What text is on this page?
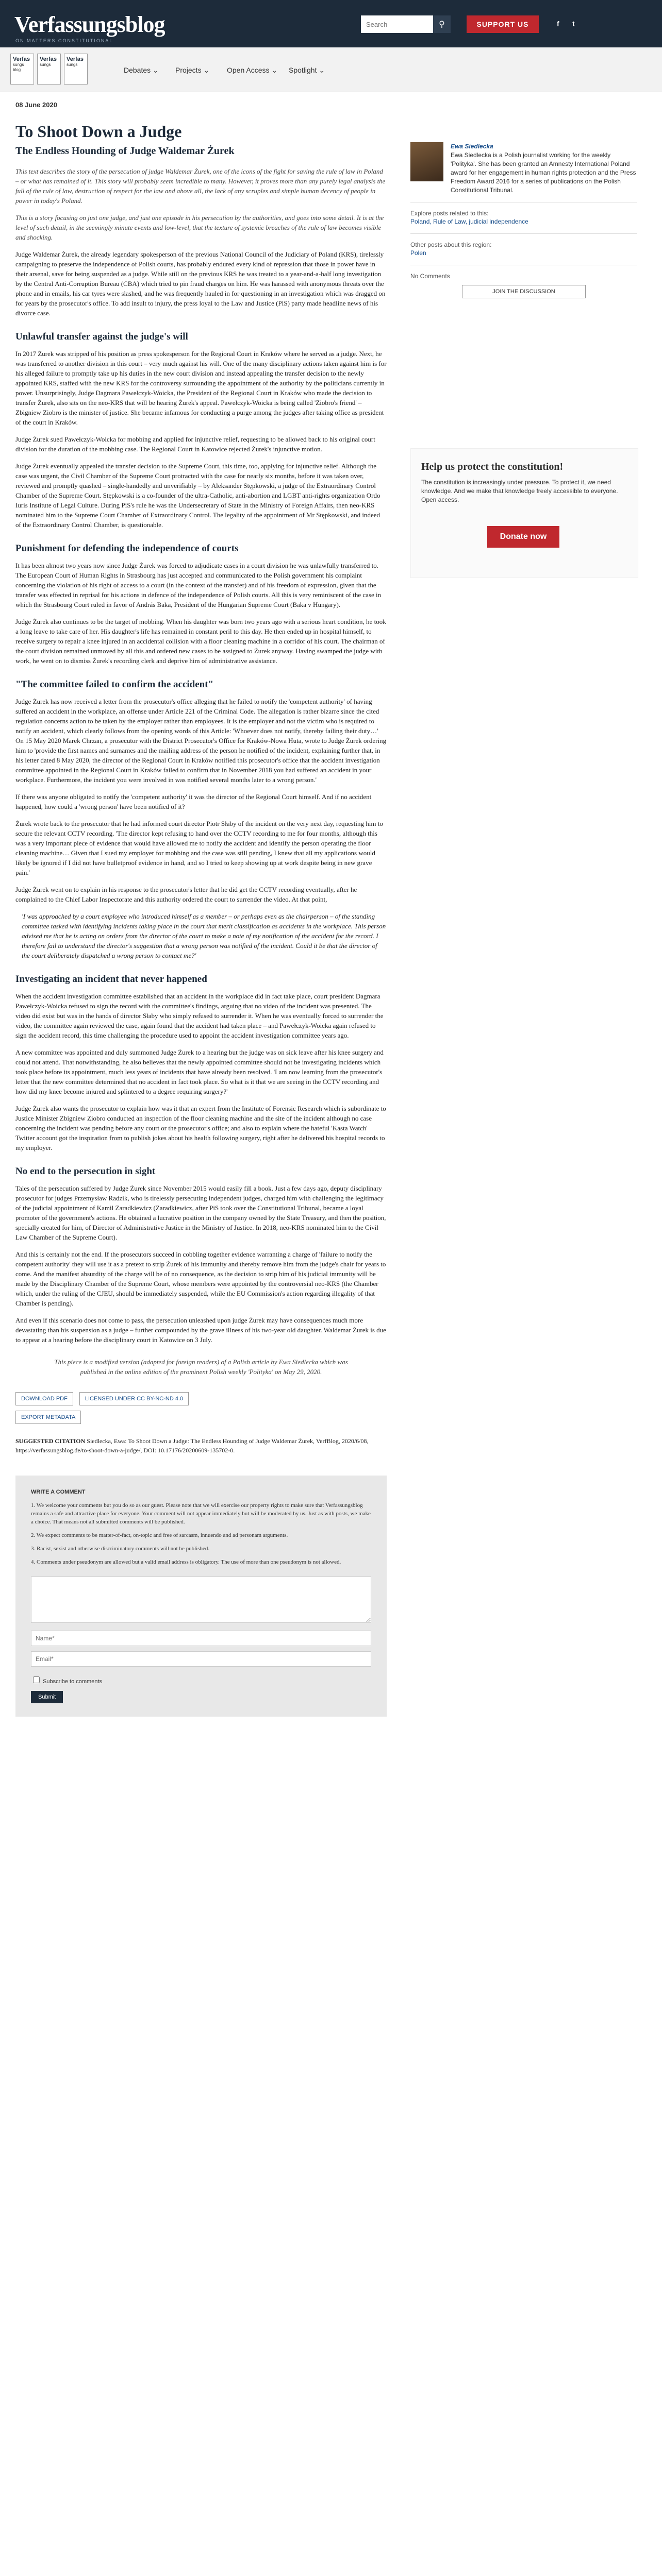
Verfassungsblog
ON MATTERS CONSTITUTIONAL
Search
⚲	SUPPORT US	f t
Verfas
sungs blog
Verfas
sungs
Verfas
sungs
Debates ⌄ Projects ⌄ Open Access ⌄ Spotlight ⌄
08 June 2020
To Shoot Down a Judge
The Endless Hounding of Judge Waldemar Żurek

This text describes the story of the persecution of judge Waldemar Żurek, one of the icons of the fight for saving the rule of law in Poland – or what has remained of it. This story will probably seem incredible to many. However, it proves more than any purely legal analysis the full of the rule of law, destruction of respect for the law and above all, the lack of any scruples and simple human decency of people in power in today's Poland.

This is a story focusing on just one judge, and just one episode in his persecution by the authorities, and goes into some detail. It is at the level of such detail, in the seemingly minute events and low-level, that the texture of systemic breaches of the rule of law becomes visible and shocking.

Judge Waldemar Żurek, the already legendary spokesperson of the previous National Council of the Judiciary of Poland (KRS), tirelessly campaigning to preserve the independence of Polish courts, has probably endured every kind of repression that those in power have in their arsenal, save for being suspended as a judge. While still on the previous KRS he was treated to a year-and-a-half long investigation by the Central Anti-Corruption Bureau (CBA) which tried to pin fraud charges on him. He was harassed with anonymous threats over the phone and in emails, his car tyres were slashed, and he was frequently hauled in for questioning in an investigation which was dragged on for years by the prosecutor's office. To add insult to injury, the press loyal to the Law and Justice (PiS) party made headline news of his divorce case.

Unlawful transfer against the judge's will

In 2017 Żurek was stripped of his position as press spokesperson for the Regional Court in Kraków where he served as a judge. Next, he was transferred to another division in this court – very much against his will. One of the many disciplinary actions taken against him is for his alleged failure to promptly take up his duties in the new court division and instead appealing the transfer decision to the newly appointed KRS, staffed with the new KRS for the controversy surrounding the appointment of the authority by the politicians currently in power. Unsurprisingly, Judge Dagmara Pawełczyk-Woicka, the President of the Regional Court in Kraków who made the decision to transfer Żurek, also sits on the neo-KRS that will be hearing Żurek's appeal. Pawełczyk-Woicka is being called 'Ziobro's friend' – Zbigniew Ziobro is the minister of justice. She became infamous for conducting a purge among the judges after taking office as president of the court in Kraków.

Judge Żurek sued Pawełczyk-Woicka for mobbing and applied for injunctive relief, requesting to be allowed back to his original court division for the duration of the mobbing case. The Regional Court in Katowice rejected Żurek's injunctive motion.

Judge Żurek eventually appealed the transfer decision to the Supreme Court, this time, too, applying for injunctive relief. Although the case was urgent, the Civil Chamber of the Supreme Court protracted with the case for nearly six months, before it was taken over, reviewed and promptly quashed – single-handedly and unverifiably – by Aleksander Stępkowski, a judge of the Extraordinary Control Chamber of the Supreme Court. Stępkowski is a co-founder of the ultra-Catholic, anti-abortion and LGBT anti-rights organization Ordo Iuris Institute of Legal Culture. During PiS's rule he was the Undersecretary of State in the Ministry of Foreign Affairs, then neo-KRS nominated him to the Supreme Court Chamber of Extraordinary Control. The legality of the appointment of Mr Stępkowski, and indeed of the Extraordinary Control Chamber, is questionable.

Punishment for defending the independence of courts

It has been almost two years now since Judge Żurek was forced to adjudicate cases in a court division he was unlawfully transferred to. The European Court of Human Rights in Strasbourg has just accepted and communicated to the Polish government his complaint concerning the violation of his right of access to a court (in the context of the transfer) and of his freedom of expression, given that the transfer was effected in reprisal for his actions in defence of the independence of Polish courts. All this is very reminiscent of the case in which the Strasbourg Court ruled in favor of András Baka, President of the Hungarian Supreme Court (Baka v Hungary).

Judge Żurek also continues to be the target of mobbing. When his daughter was born two years ago with a serious heart condition, he took a long leave to take care of her. His daughter's life has remained in constant peril to this day. He then ended up in hospital himself, to receive surgery to repair a knee injured in an accidental collision with a floor cleaning machine in a corridor of his court. The chairman of the court division remained unmoved by all this and ordered new cases to be assigned to Żurek anyway. Having swamped the judge with work, he went on to dismiss Żurek's recording clerk and deprive him of administrative assistance.

"The committee failed to confirm the accident"

Judge Żurek has now received a letter from the prosecutor's office alleging that he failed to notify the 'competent authority' of having suffered an accident in the workplace, an offense under Article 221 of the Criminal Code. The allegation is rather bizarre since the cited regulation concerns action to be taken by the employer rather than employees. It is the employer and not the victim who is required to notify an accident, which clearly follows from the opening words of this Article: 'Whoever does not notify, thereby failing their duty…' On 15 May 2020 Marek Chrzan, a prosecutor with the District Prosecutor's Office for Kraków-Nowa Huta, wrote to Judge Żurek ordering him to 'provide the first names and surnames and the mailing address of the person he notified of the incident, explaining further that, in his letter dated 8 May 2020, the director of the Regional Court in Kraków notified this prosecutor's office that the accident investigation committee appointed in the Regional Court in Kraków failed to confirm that in November 2018 you had suffered an accident in your workplace. Furthermore, the incident you were involved in was notified several months later to a wrong person.'

If there was anyone obligated to notify the 'competent authority' it was the director of the Regional Court himself. And if no accident happened, how could a 'wrong person' have been notified of it?

Żurek wrote back to the prosecutor that he had informed court director Piotr Słaby of the incident on the very next day, requesting him to secure the relevant CCTV recording. 'The director kept refusing to hand over the CCTV recording to me for four months, although this was a very important piece of evidence that would have allowed me to notify the accident and identify the person operating the floor cleaning machine… Given that I sued my employer for mobbing and the case was still pending, I knew that all my applications would likely be ignored if I did not have bulletproof evidence in hand, and so I tried to keep showing up at work despite being in new grave pain.'

Judge Żurek went on to explain in his response to the prosecutor's letter that he did get the CCTV recording eventually, after he complained to the Chief Labor Inspectorate and this authority ordered the court to surrender the video. At that point,

'I was approached by a court employee who introduced himself as a member – or perhaps even as the chairperson – of the standing committee tasked with identifying incidents taking place in the court that merit classification as accidents in the workplace. This person advised me that he is acting on orders from the director of the court to make a note of my notification of the accident for the record. I therefore fail to understand the director's suggestion that a wrong person was notified of the incident. Could it be that the director of the court deliberately dispatched a wrong person to contact me?'

Investigating an incident that never happened

When the accident investigation committee established that an accident in the workplace did in fact take place, court president Dagmara Pawełczyk-Woicka refused to sign the record with the committee's findings, arguing that no video of the incident was presented. The video did exist but was in the hands of director Słaby who simply refused to surrender it. When he was eventually forced to surrender the video, the committee again reviewed the case, again found that the accident had taken place – and Pawełczyk-Woicka again refused to sign the accident record, this time challenging the procedure used to appoint the accident investigation committee years ago.

A new committee was appointed and duly summoned Judge Żurek to a hearing but the judge was on sick leave after his knee surgery and could not attend. That notwithstanding, he also believes that the newly appointed committee should not be investigating incidents which took place before its appointment, much less years of incidents that have already been resolved. 'I am now learning from the prosecutor's letter that the new committee determined that no accident in fact took place. So what is it that we are seeing in the CCTV recording and how did my knee become injured and splintered to a degree requiring surgery?'

Judge Żurek also wants the prosecutor to explain how was it that an expert from the Institute of Forensic Research which is subordinate to Justice Minister Zbigniew Ziobro conducted an inspection of the floor cleaning machine and the site of the incident although no case concerning the incident was pending before any court or the prosecutor's office; and also to explain where the hateful 'Kasta Watch' Twitter account got the inspiration from to publish jokes about his health following surgery, right after he delivered his hospital records to my employer.

No end to the persecution in sight

Tales of the persecution suffered by Judge Żurek since November 2015 would easily fill a book. Just a few days ago, deputy disciplinary prosecutor for judges Przemysław Radzik, who is tirelessly persecuting independent judges, charged him with challenging the legitimacy of the judicial appointment of Kamil Zaradkiewicz (Zaradkiewicz, after PiS took over the Constitutional Tribunal, became a loyal promoter of the government's actions. He obtained a lucrative position in the company owned by the State Treasury, and then the position, specially created for him, of Director of Administrative Justice in the Ministry of Justice. In 2018, neo-KRS nominated him to the Civil Law Chamber of the Supreme Court).

And this is certainly not the end. If the prosecutors succeed in cobbling together evidence warranting a charge of 'failure to notify the competent authority' they will use it as a pretext to strip Żurek of his immunity and thereby remove him from the judge's chair for years to come. And the manifest absurdity of the charge will be of no consequence, as the decision to strip him of his judicial immunity will be made by the Disciplinary Chamber of the Supreme Court, whose members were appointed by the controversial neo-KRS (the Chamber which, under the ruling of the CJEU, should be immediately suspended, while the EU Commission's action regarding illegality of that Chamber is pending).

And even if this scenario does not come to pass, the persecution unleashed upon judge Żurek may have consequences much more devastating than his suspension as a judge – further compounded by the grave illness of his two-year old daughter. Waldemar Żurek is due to appear at a hearing before the disciplinary court in Katowice on 3 July.

This piece is a modified version (adapted for foreign readers) of a Polish article by Ewa Siedlecka which was published in the online edition of the prominent Polish weekly 'Polityka' on May 29, 2020.
DOWNLOAD PDF	LICENSED UNDER CC BY-NC-ND 4.0
EXPORT METADATA
SUGGESTED CITATION Siedlecka, Ewa: To Shoot Down a Judge: The Endless Hounding of Judge Waldemar Żurek, VerfBlog, 2020/6/08, https://verfassungsblog.de/to-shoot-down-a-judge/, DOI: 10.17176/20200609-135702-0.
WRITE A COMMENT
1. We welcome your comments but you do so as our guest. Please note that we will exercise our property rights to make sure that Verfassungsblog remains a safe and attractive place for everyone. Your comment will not appear immediately but will be moderated by us. Just as with posts, we make a choice. That means not all submitted comments will be published.
2. We expect comments to be matter-of-fact, on-topic and free of sarcasm, innuendo and ad personam arguments.
3. Racist, sexist and otherwise discriminatory comments will not be published.
4. Comments under pseudonym are allowed but a valid email address is obligatory. The use of more than one pseudonym is not allowed.
Name* Email*
Subscribe to comments
Submit
Ewa Siedlecka
Ewa Siedlecka is a Polish journalist working for the weekly 'Polityka'. She has been granted an Amnesty International Poland award for her engagement in human rights protection and the Press Freedom Award 2016 for a series of publications on the Polish Constitutional Tribunal.
Explore posts related to this:
Poland, Rule of Law, judicial independence
Other posts about this region:
Polen
No Comments
JOIN THE DISCUSSION
Help us protect the constitution!
The constitution is increasingly under pressure. To protect it, we need knowledge. And we make that knowledge freely accessible to everyone. Open access.
Donate now
